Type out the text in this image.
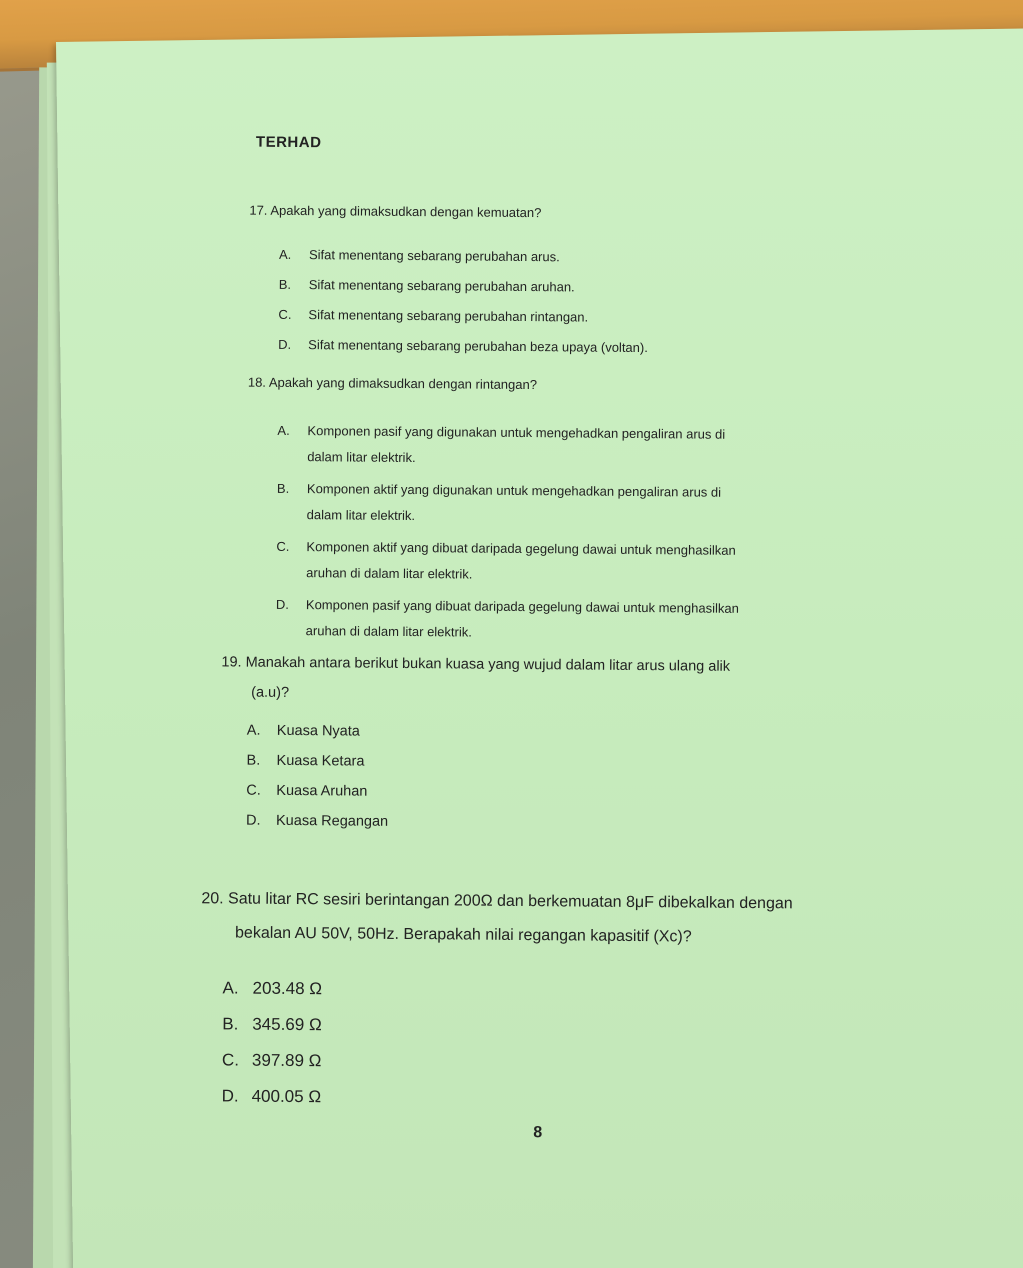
TERHAD
17. Apakah yang dimaksudkan dengan kemuatan?
A.	Sifat menentang sebarang perubahan arus.
B.	Sifat menentang sebarang perubahan aruhan.
C.	Sifat menentang sebarang perubahan rintangan.
D.	Sifat menentang sebarang perubahan beza upaya (voltan).
18. Apakah yang dimaksudkan dengan rintangan?
A.	Komponen pasif yang digunakan untuk mengehadkan pengaliran arus di
dalam litar elektrik.
B.	Komponen aktif yang digunakan untuk mengehadkan pengaliran arus di
dalam litar elektrik.
C.	Komponen aktif yang dibuat daripada gegelung dawai untuk menghasilkan
aruhan di dalam litar elektrik.
D.	Komponen pasif yang dibuat daripada gegelung dawai untuk menghasilkan
aruhan di dalam litar elektrik.
19. Manakah antara berikut bukan kuasa yang wujud dalam litar arus ulang alik
(a.u)?
A.	Kuasa Nyata
B.	Kuasa Ketara
C.	Kuasa Aruhan
D.	Kuasa Regangan
20. Satu litar RC sesiri berintangan 200Ω dan berkemuatan 8μF dibekalkan dengan
bekalan AU 50V, 50Hz. Berapakah nilai regangan kapasitif (Xc)?
A. 203.48 Ω
B. 345.69 Ω
C. 397.89 Ω
D. 400.05 Ω
8
